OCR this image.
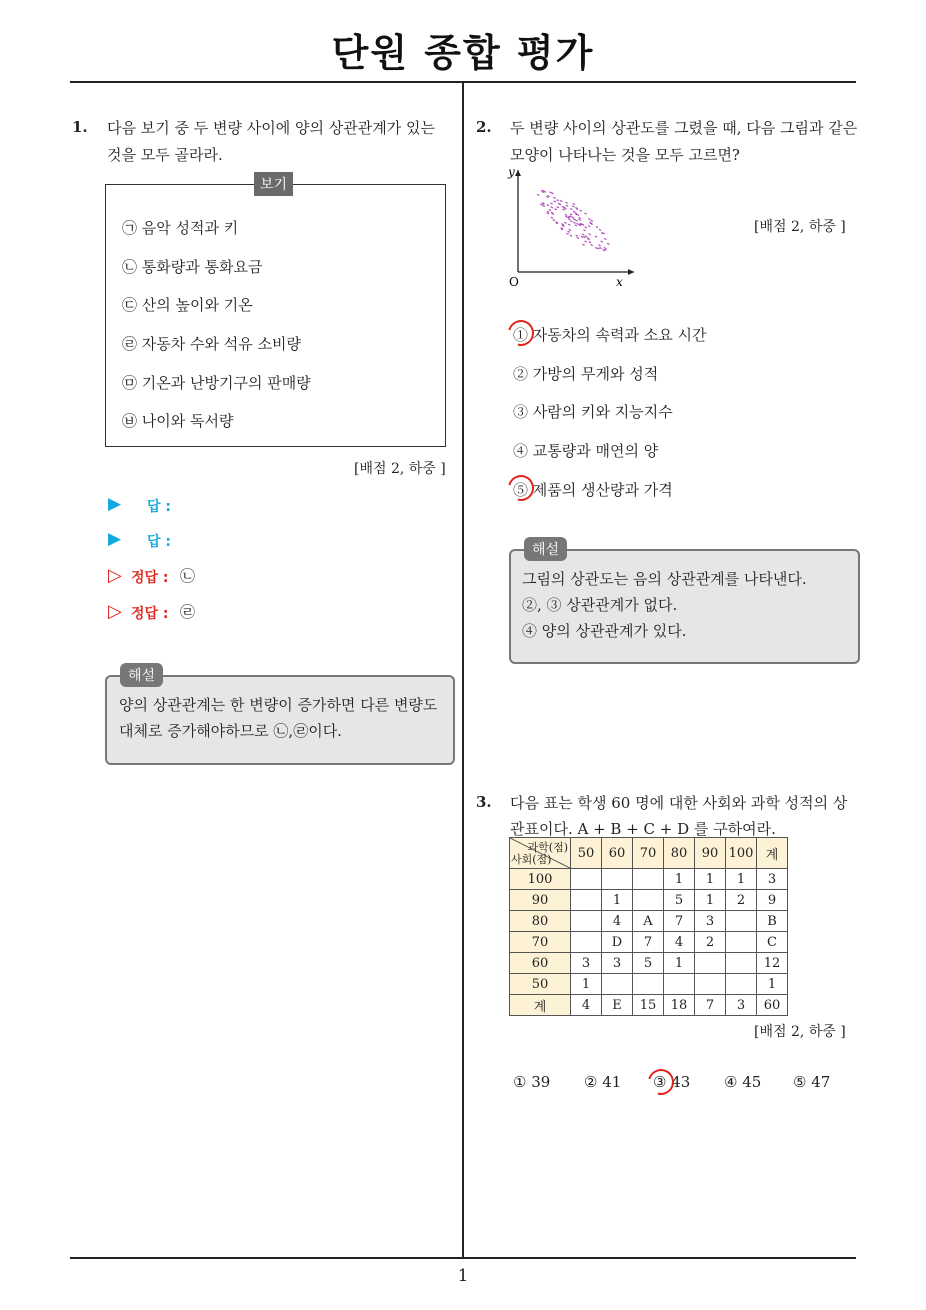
단원 종합 평가
1
1. 다음 보기 중 두 변량 사이에 양의 상관관계가 있는
것을 모두 골라라.
보기
㉠ 음악 성적과 키
㉡ 통화량과 통화요금
㉢ 산의 높이와 기온
㉣ 자동차 수와 석유 소비량
㉤ 기온과 난방기구의 판매량
㉥ 나이와 독서량
[배점 2, 하중 ]
▶ 답 :
▶ 답 :
▷ 정답 : ㉡
▷ 정답 : ㉣
해설
양의 상관관계는 한 변량이 증가하면 다른 변량도
대체로 증가해야하므로 ㉡,㉣이다.
2. 두 변량 사이의 상관도를 그렸을 때, 다음 그림과 같은
모양이 나타나는 것을 모두 고르면?
y
x
O
[배점 2, 하중 ]
① 자동차의 속력과 소요 시간
② 가방의 무게와 성적
③ 사람의 키와 지능지수
④ 교통량과 매연의 양
⑤ 제품의 생산량과 가격
해설
그림의 상관도는 음의 상관관계를 나타낸다.
②, ③ 상관관계가 없다.
④ 양의 상관관계가 있다.
3. 다음 표는 학생 60 명에 대한 사회와 과학 성적의 상
관표이다. A + B + C + D 를 구하여라.
과학(점)
사회(점)	50	60	70	80	90	100	계
100				1	1	1	3
90		1		5	1	2	9
80		4	A	7	3		B
70		D	7	4	2		C
60	3	3	5	1			12
50	1						1
계	4	E	15	18	7	3	60
[배점 2, 하중 ]
① 39 ② 41 ③ 43 ④ 45 ⑤ 47
